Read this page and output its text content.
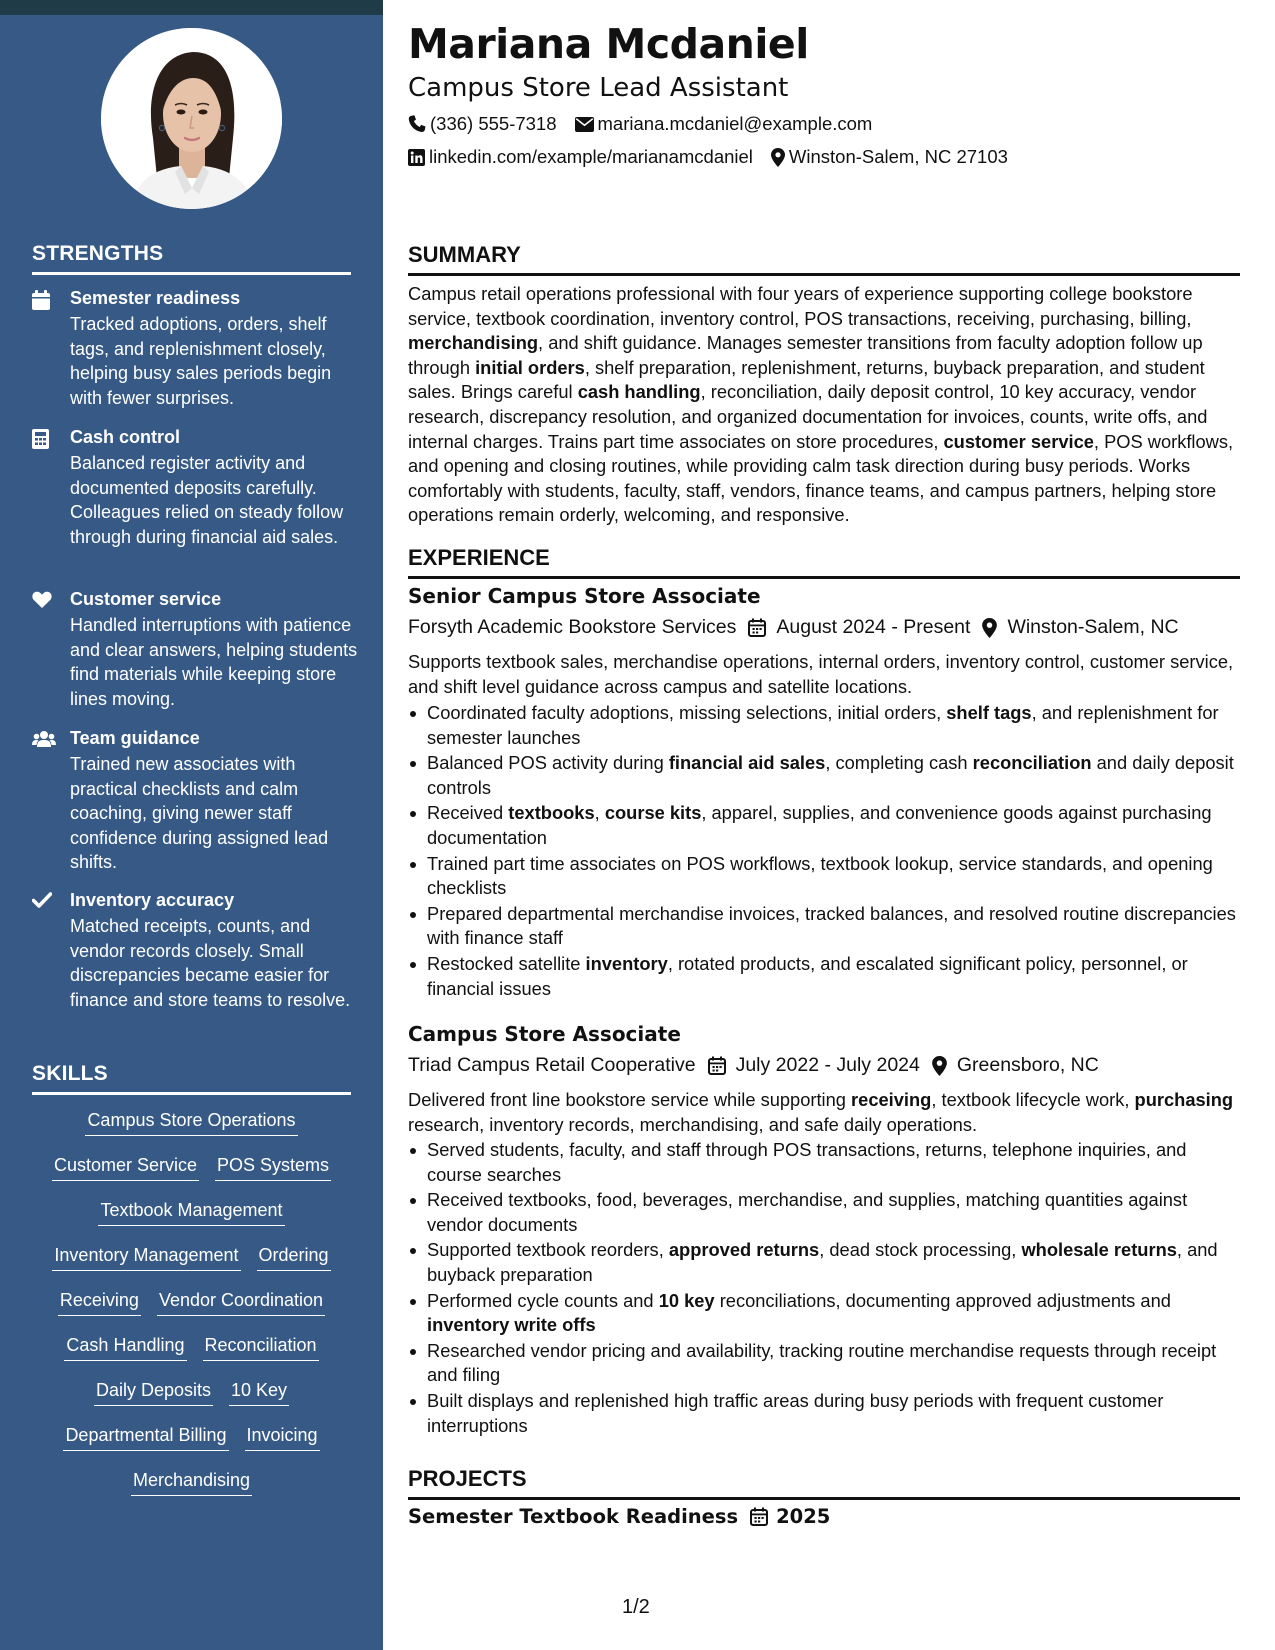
STRENGTHS
Semester readiness
Tracked adoptions, orders, shelf tags, and replenishment closely, helping busy sales periods begin with fewer surprises.
Cash control
Balanced register activity and documented deposits carefully. Colleagues relied on steady follow through during financial aid sales.
Customer service
Handled interruptions with patience and clear answers, helping students find materials while keeping store lines moving.
Team guidance
Trained new associates with practical checklists and calm coaching, giving newer staff confidence during assigned lead shifts.
Inventory accuracy
Matched receipts, counts, and vendor records closely. Small discrepancies became easier for finance and store teams to resolve.
SKILLS
Campus Store Operations
Customer Service POS Systems
Textbook Management
Inventory Management Ordering
Receiving Vendor Coordination
Cash Handling Reconciliation
Daily Deposits 10 Key
Departmental Billing Invoicing
Merchandising
Mariana Mcdaniel
Campus Store Lead Assistant
(336) 555-7318 mariana.mcdaniel@example.com
linkedin.com/example/marianamcdaniel Winston-Salem, NC 27103
SUMMARY
Campus retail operations professional with four years of experience supporting college bookstore service, textbook coordination, inventory control, POS transactions, receiving, purchasing, billing, merchandising, and shift guidance. Manages semester transitions from faculty adoption follow up through initial orders, shelf preparation, replenishment, returns, buyback preparation, and student sales. Brings careful cash handling, reconciliation, daily deposit control, 10 key accuracy, vendor research, discrepancy resolution, and organized documentation for invoices, counts, write offs, and internal charges. Trains part time associates on store procedures, customer service, POS workflows, and opening and closing routines, while providing calm task direction during busy periods. Works comfortably with students, faculty, staff, vendors, finance teams, and campus partners, helping store operations remain orderly, welcoming, and responsive.
EXPERIENCE
Senior Campus Store Associate
Forsyth Academic Bookstore Services August 2024 - Present Winston-Salem, NC
Supports textbook sales, merchandise operations, internal orders, inventory control, customer service, and shift level guidance across campus and satellite locations.
Coordinated faculty adoptions, missing selections, initial orders, shelf tags, and replenishment for semester launches
Balanced POS activity during financial aid sales, completing cash reconciliation and daily deposit controls
Received textbooks, course kits, apparel, supplies, and convenience goods against purchasing documentation
Trained part time associates on POS workflows, textbook lookup, service standards, and opening checklists
Prepared departmental merchandise invoices, tracked balances, and resolved routine discrepancies with finance staff
Restocked satellite inventory, rotated products, and escalated significant policy, personnel, or financial issues
Campus Store Associate
Triad Campus Retail Cooperative July 2022 - July 2024 Greensboro, NC
Delivered front line bookstore service while supporting receiving, textbook lifecycle work, purchasing research, inventory records, merchandising, and safe daily operations.
Served students, faculty, and staff through POS transactions, returns, telephone inquiries, and course searches
Received textbooks, food, beverages, merchandise, and supplies, matching quantities against vendor documents
Supported textbook reorders, approved returns, dead stock processing, wholesale returns, and buyback preparation
Performed cycle counts and 10 key reconciliations, documenting approved adjustments and inventory write offs
Researched vendor pricing and availability, tracking routine merchandise requests through receipt and filing
Built displays and replenished high traffic areas during busy periods with frequent customer interruptions
PROJECTS
Semester Textbook Readiness 2025
1/2
